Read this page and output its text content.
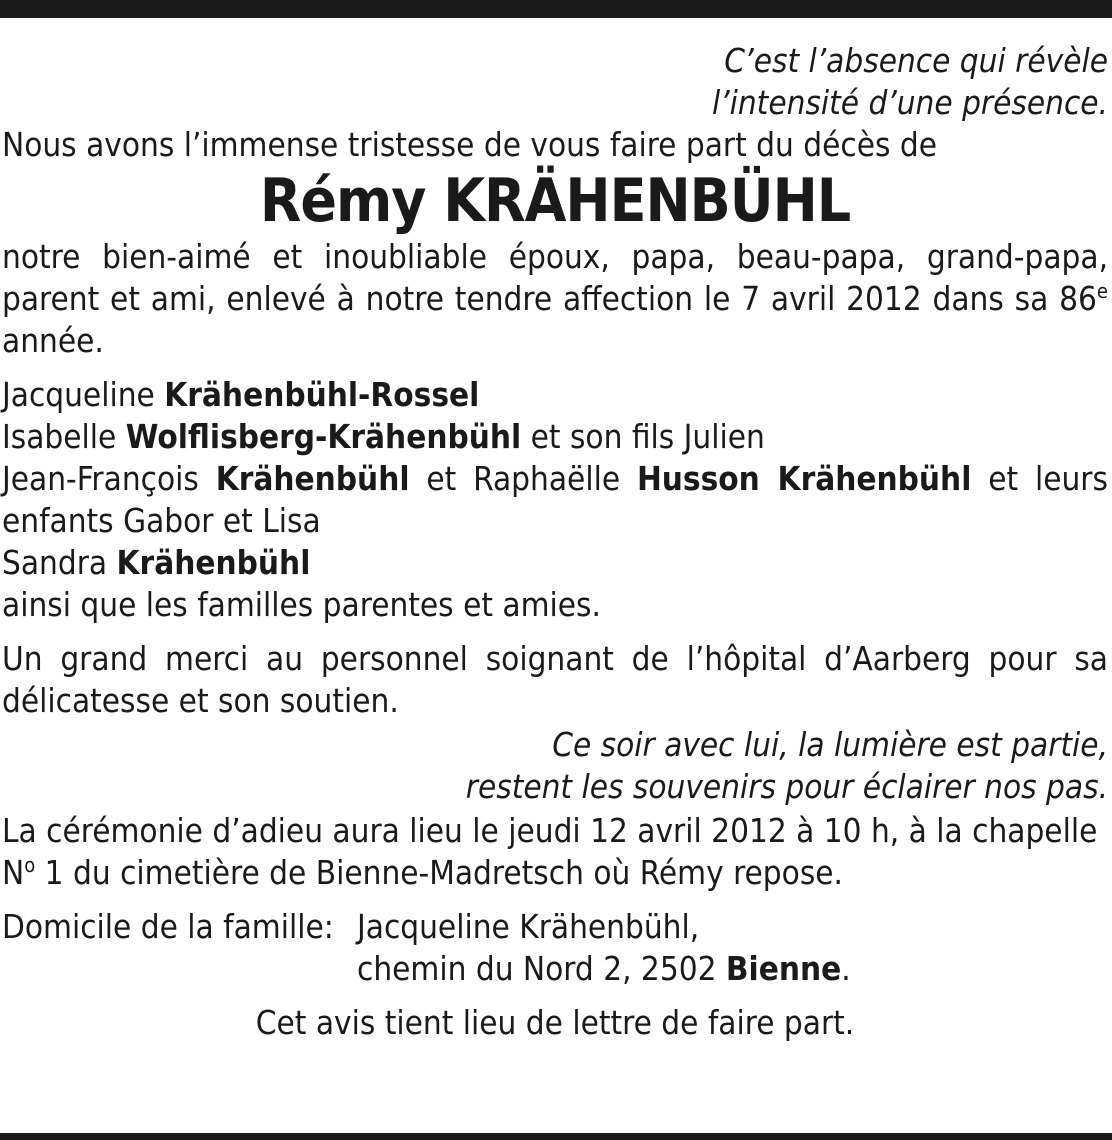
C’est l’absence qui révèle
l’intensité d’une présence.

Nous avons l’immense tristesse de vous faire part du décès de

Rémy KRÄHENBÜHL

notre bien-aimé et inoubliable époux, papa, beau-papa, grand-papa, parent et ami, enlevé à notre tendre affection le 7 avril 2012 dans sa 86e année.

Jacqueline Krähenbühl-Rossel

Isabelle Wolflisberg-Krähenbühl et son fils Julien

Jean-François Krähenbühl et Raphaëlle Husson Krähenbühl et leurs enfants Gabor et Lisa

Sandra Krähenbühl

ainsi que les familles parentes et amies.

Un grand merci au personnel soignant de l’hôpital d’Aarberg pour sa délicatesse et son soutien.

Ce soir avec lui, la lumière est partie,
restent les souvenirs pour éclairer nos pas.

La cérémonie d’adieu aura lieu le jeudi 12 avril 2012 à 10 h, à la chapelle
$N^o$ 1 du cimetière de Bienne-Madretsch où Rémy repose.

Domicile de la famille: Jacqueline Krähenbühl,
chemin du Nord 2, 2502 Bienne.

Cet avis tient lieu de lettre de faire part.
